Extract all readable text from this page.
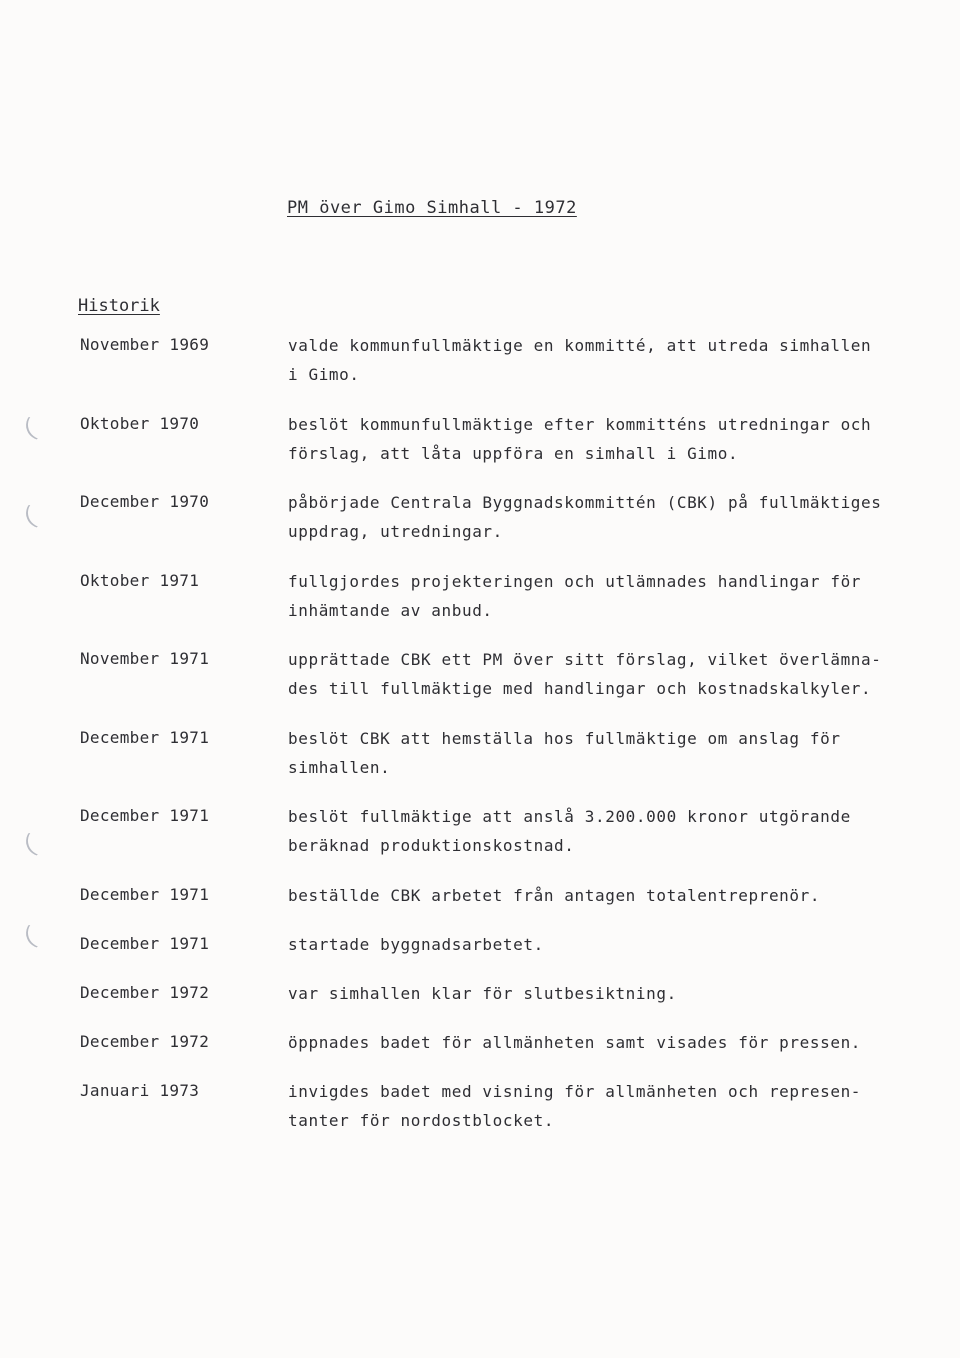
PM över Gimo Simhall - 1972
Historik
November 1969	valde kommunfullmäktige en kommitté, att utreda simhallen
i Gimo.
Oktober 1970	beslöt kommunfullmäktige efter kommitténs utredningar och
förslag, att låta uppföra en simhall i Gimo.
December 1970	påbörjade Centrala Byggnadskommittén (CBK) på fullmäktiges
uppdrag, utredningar.
Oktober 1971	fullgjordes projekteringen och utlämnades handlingar för
inhämtande av anbud.
November 1971	upprättade CBK ett PM över sitt förslag, vilket överlämna-
des till fullmäktige med handlingar och kostnadskalkyler.
December 1971	beslöt CBK att hemställa hos fullmäktige om anslag för
simhallen.
December 1971	beslöt fullmäktige att anslå 3.200.000 kronor utgörande
beräknad produktionskostnad.
December 1971	beställde CBK arbetet från antagen totalentreprenör.
December 1971	startade byggnadsarbetet.
December 1972	var simhallen klar för slutbesiktning.
December 1972	öppnades badet för allmänheten samt visades för pressen.
Januari 1973	invigdes badet med visning för allmänheten och represen-
tanter för nordostblocket.
